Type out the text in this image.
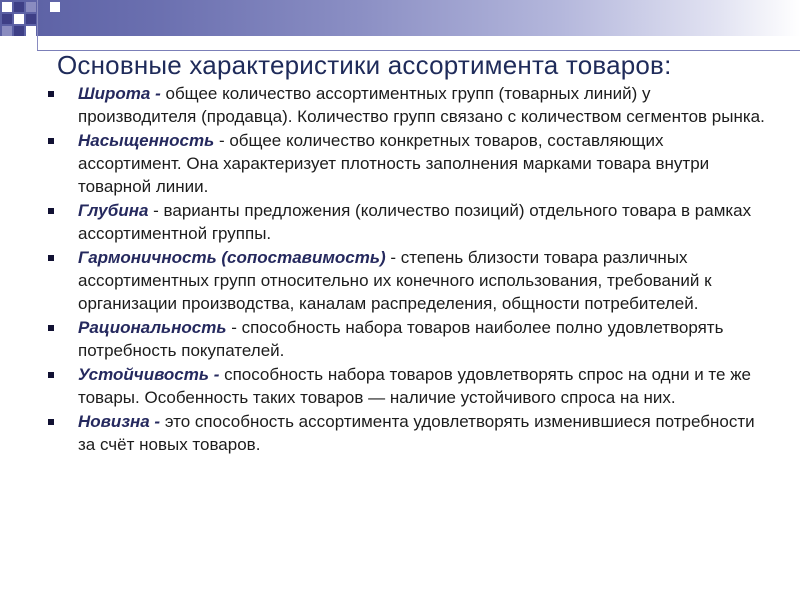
Основные характеристики ассортимента товаров:
Широта - общее количество ассортиментных групп (товарных линий) у производителя (продавца). Количество групп связано с количеством сегментов рынка.
Насыщенность - общее количество конкретных товаров, составляющих ассортимент. Она характеризует плотность заполнения марками товара внутри товарной линии.
Глубина - варианты предложения (количество позиций) отдельного товара в рамках ассортиментной группы.
Гармоничность (сопоставимость) - степень близости товара различных ассортиментных групп относительно их конечного использования, требований к организации производства, каналам распределения, общности потребителей.
Рациональность - способность набора товаров наиболее полно удовлетворять потребность покупателей.
Устойчивость - способность набора товаров удовлетворять спрос на одни и те же товары. Особенность таких товаров — наличие устойчивого спроса на них.
Новизна - это способность ассортимента удовлетворять изменившиеся потребности за счёт новых товаров.
